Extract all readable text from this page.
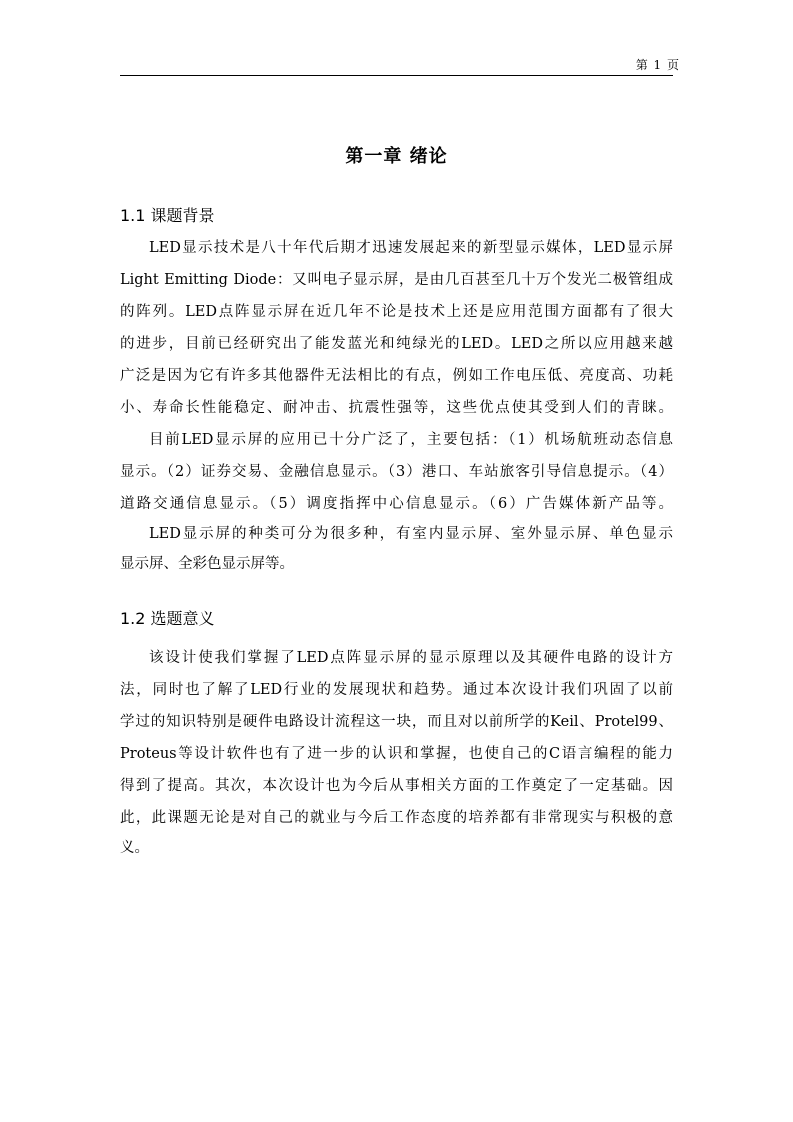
第 1 页
第一章 绪论
1.1 课题背景
LED显示技术是八十年代后期才迅速发展起来的新型显示媒体，LED显示屏
Light Emitting Diode：又叫电子显示屏，是由几百甚至几十万个发光二极管组成
的阵列。LED点阵显示屏在近几年不论是技术上还是应用范围方面都有了很大
的进步，目前已经研究出了能发蓝光和纯绿光的LED。LED之所以应用越来越
广泛是因为它有许多其他器件无法相比的有点，例如工作电压低、亮度高、功耗
小、寿命长性能稳定、耐冲击、抗震性强等，这些优点使其受到人们的青睐。
目前LED显示屏的应用已十分广泛了，主要包括：（1）机场航班动态信息
显示。（2）证券交易、金融信息显示。（3）港口、车站旅客引导信息提示。（4）
道路交通信息显示。（5）调度指挥中心信息显示。（6）广告媒体新产品等。
LED显示屏的种类可分为很多种，有室内显示屏、室外显示屏、单色显示
显示屏、全彩色显示屏等。
1.2 选题意义
该设计使我们掌握了LED点阵显示屏的显示原理以及其硬件电路的设计方
法，同时也了解了LED行业的发展现状和趋势。通过本次设计我们巩固了以前
学过的知识特别是硬件电路设计流程这一块，而且对以前所学的Keil、Protel99、
Proteus等设计软件也有了进一步的认识和掌握，也使自己的C语言编程的能力
得到了提高。其次，本次设计也为今后从事相关方面的工作奠定了一定基础。因
此，此课题无论是对自己的就业与今后工作态度的培养都有非常现实与积极的意
义。
